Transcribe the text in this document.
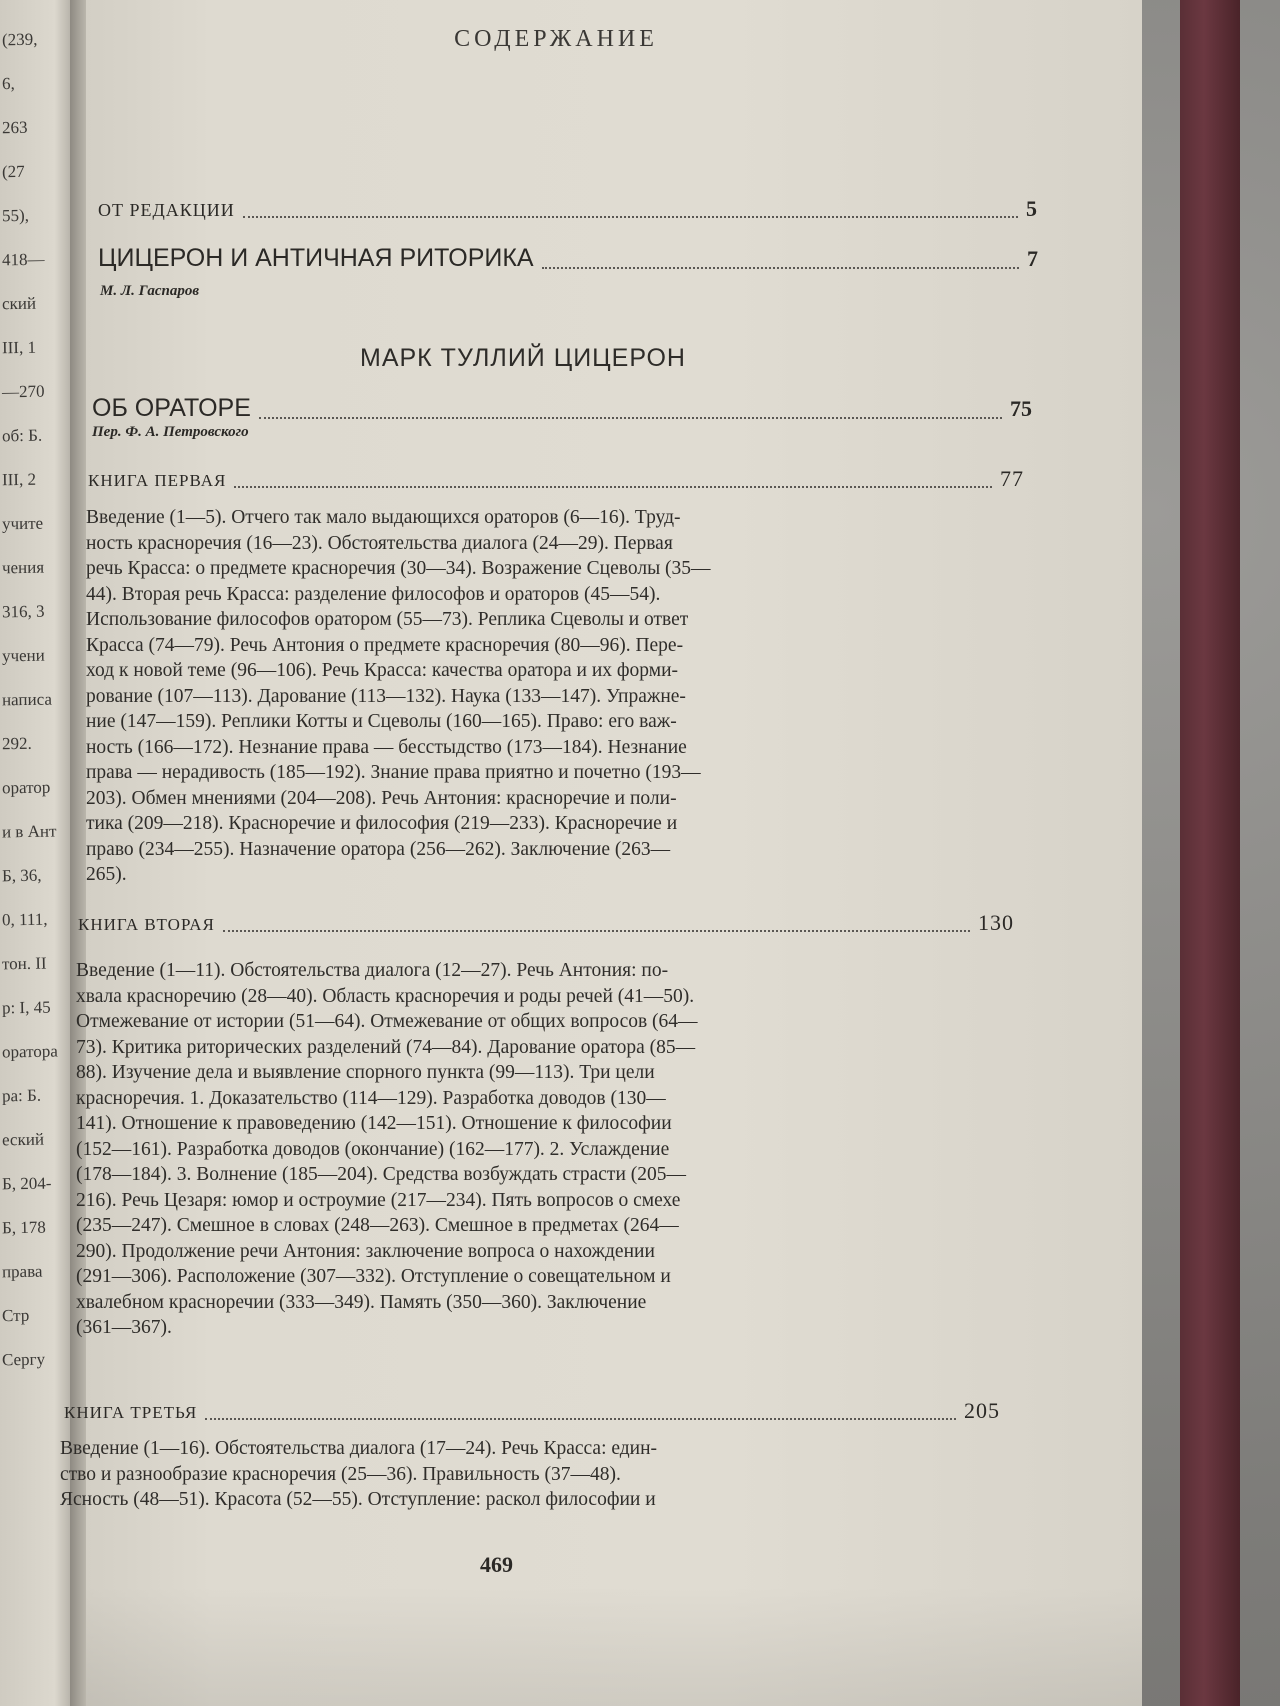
(239,
6,
263
(27
55),
418—
ский
III, 1
—270
об: Б.
III, 2
учите
чения
316, 3
учени
написа
292.
оратор
и в Ант
Б, 36,
0, 111,
тон. II
р: I, 45
оратора
ра: Б.
еский
Б, 204-
Б, 178
права
Стр
Сергу
СОДЕРЖАНИЕ
ОТ РЕДАКЦИИ	5
ЦИЦЕРОН И АНТИЧНАЯ РИТОРИКА	7
М. Л. Гаспаров
МАРК ТУЛЛИЙ ЦИЦЕРОН
ОБ ОРАТОРЕ	75
Пер. Ф. А. Петровского
КНИГА ПЕРВАЯ	77
Введение (1—5). Отчего так мало выдающихся ораторов (6—16). Труд-
ность красноречия (16—23). Обстоятельства диалога (24—29). Первая
речь Красса: о предмете красноречия (30—34). Возражение Сцеволы (35—
44). Вторая речь Красса: разделение философов и ораторов (45—54).
Использование философов оратором (55—73). Реплика Сцеволы и ответ
Красса (74—79). Речь Антония о предмете красноречия (80—96). Пере-
ход к новой теме (96—106). Речь Красса: качества оратора и их форми-
рование (107—113). Дарование (113—132). Наука (133—147). Упражне-
ние (147—159). Реплики Котты и Сцеволы (160—165). Право: его важ-
ность (166—172). Незнание права — бесстыдство (173—184). Незнание
права — нерадивость (185—192). Знание права приятно и почетно (193—
203). Обмен мнениями (204—208). Речь Антония: красноречие и поли-
тика (209—218). Красноречие и философия (219—233). Красноречие и
право (234—255). Назначение оратора (256—262). Заключение (263—
265).
КНИГА ВТОРАЯ	130
Введение (1—11). Обстоятельства диалога (12—27). Речь Антония: по-
хвала красноречию (28—40). Область красноречия и роды речей (41—50).
Отмежевание от истории (51—64). Отмежевание от общих вопросов (64—
73). Критика риторических разделений (74—84). Дарование оратора (85—
88). Изучение дела и выявление спорного пункта (99—113). Три цели
красноречия. 1. Доказательство (114—129). Разработка доводов (130—
141). Отношение к правоведению (142—151). Отношение к философии
(152—161). Разработка доводов (окончание) (162—177). 2. Услаждение
(178—184). 3. Волнение (185—204). Средства возбуждать страсти (205—
216). Речь Цезаря: юмор и остроумие (217—234). Пять вопросов о смехе
(235—247). Смешное в словах (248—263). Смешное в предметах (264—
290). Продолжение речи Антония: заключение вопроса о нахождении
(291—306). Расположение (307—332). Отступление о совещательном и
хвалебном красноречии (333—349). Память (350—360). Заключение
(361—367).
КНИГА ТРЕТЬЯ	205
Введение (1—16). Обстоятельства диалога (17—24). Речь Красса: един-
ство и разнообразие красноречия (25—36). Правильность (37—48).
Ясность (48—51). Красота (52—55). Отступление: раскол философии и
469
